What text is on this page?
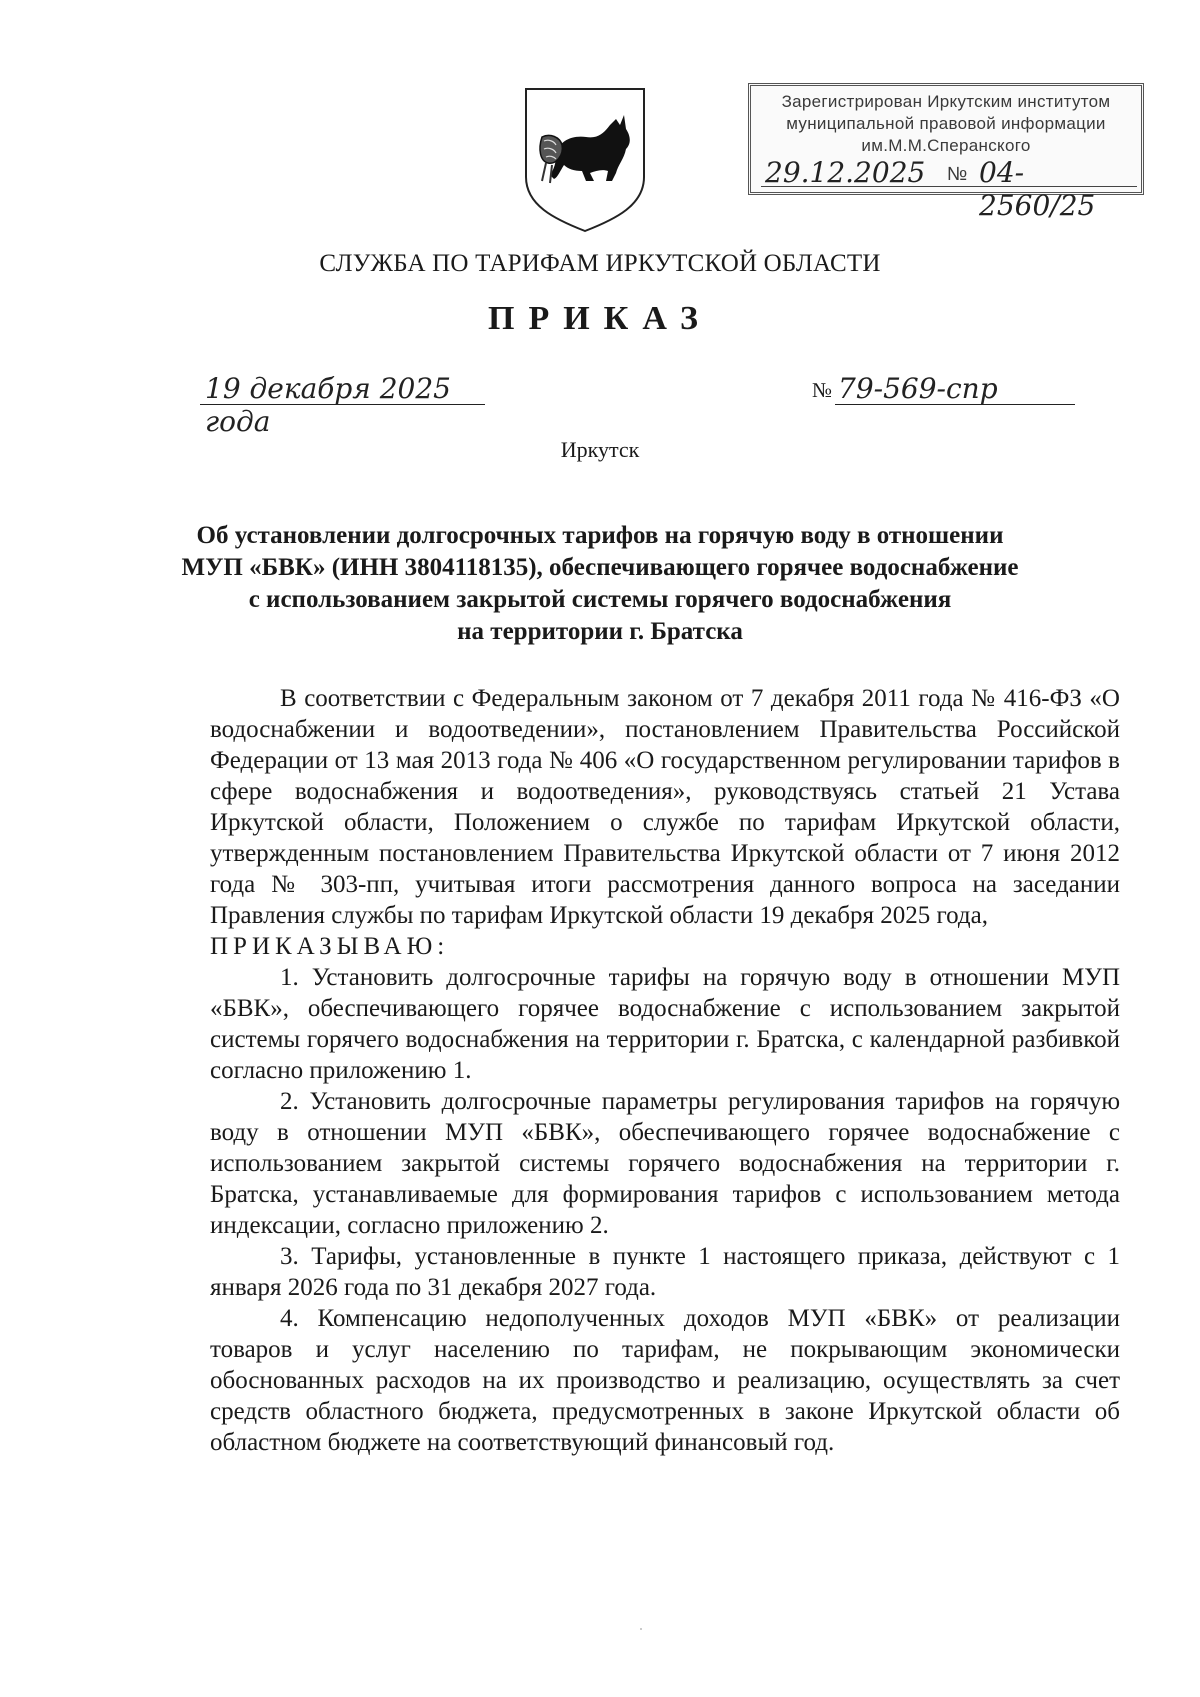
Зарегистрирован Иркутским институтом
муниципальной правовой информации
им.М.М.Сперанского
29.12.2025 № 04-2560/25
СЛУЖБА ПО ТАРИФАМ ИРКУТСКОЙ ОБЛАСТИ
ПРИКАЗ
19 декабря 2025 года
№ 79-569-спр
Иркутск
Об установлении долгосрочных тарифов на горячую воду в отношении
МУП «БВК» (ИНН 3804118135), обеспечивающего горячее водоснабжение
с использованием закрытой системы горячего водоснабжения
на территории г. Братска

В соответствии с Федеральным законом от 7 декабря 2011 года № 416-ФЗ «О водоснабжении и водоотведении», постановлением Правительства Российской Федерации от 13 мая 2013 года № 406 «О государственном регулировании тарифов в сфере водоснабжения и водоотведения», руководствуясь статьей 21 Устава Иркутской области, Положением о службе по тарифам Иркутской области, утвержденным постановлением Правительства Иркутской области от 7 июня 2012 года № 303-пп, учитывая итоги рассмотрения данного вопроса на заседании Правления службы по тарифам Иркутской области 19 декабря 2025 года,

ПРИКАЗЫВАЮ:

1. Установить долгосрочные тарифы на горячую воду в отношении МУП «БВК», обеспечивающего горячее водоснабжение с использованием закрытой системы горячего водоснабжения на территории г. Братска, с календарной разбивкой согласно приложению 1.

2. Установить долгосрочные параметры регулирования тарифов на горячую воду в отношении МУП «БВК», обеспечивающего горячее водоснабжение с использованием закрытой системы горячего водоснабжения на территории г. Братска, устанавливаемые для формирования тарифов с использованием метода индексации, согласно приложению 2.

3. Тарифы, установленные в пункте 1 настоящего приказа, действуют с 1 января 2026 года по 31 декабря 2027 года.

4. Компенсацию недополученных доходов МУП «БВК» от реализации товаров и услуг населению по тарифам, не покрывающим экономически обоснованных расходов на их производство и реализацию, осуществлять за счет средств областного бюджета, предусмотренных в законе Иркутской области об областном бюджете на соответствующий финансовый год.
